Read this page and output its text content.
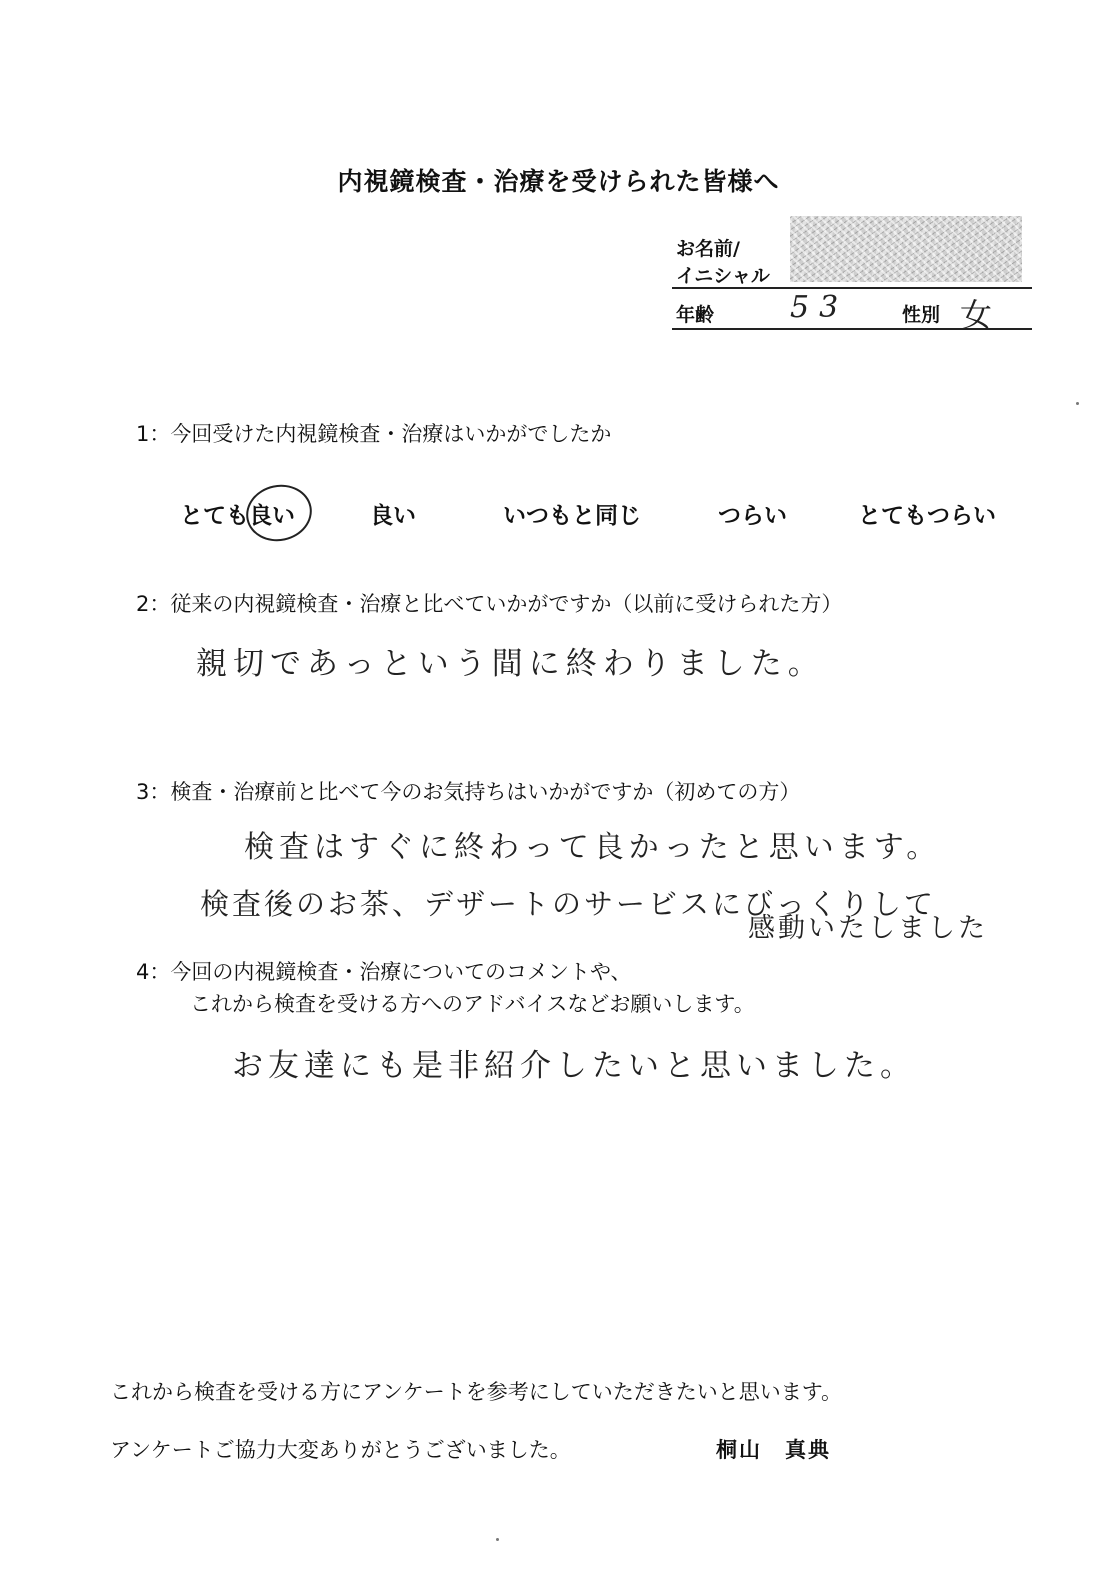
内視鏡検査・治療を受けられた皆様へ
お名前/
イニシャル
年齢	53	性別 女
1：今回受けた内視鏡検査・治療はいかがでしたか
とても良い	良い	いつもと同じ	つらい	とてもつらい
2：従来の内視鏡検査・治療と比べていかがですか（以前に受けられた方）
親切であっという間に終わりました。
3：検査・治療前と比べて今のお気持ちはいかがですか（初めての方）
検査はすぐに終わって良かったと思います。
検査後のお茶、デザートのサービスにびっくりして
感動いたしました
4：今回の内視鏡検査・治療についてのコメントや、
これから検査を受ける方へのアドバイスなどお願いします。
お友達にも是非紹介したいと思いました。
これから検査を受ける方にアンケートを参考にしていただきたいと思います。
アンケートご協力大変ありがとうございました。	桐山　真典
